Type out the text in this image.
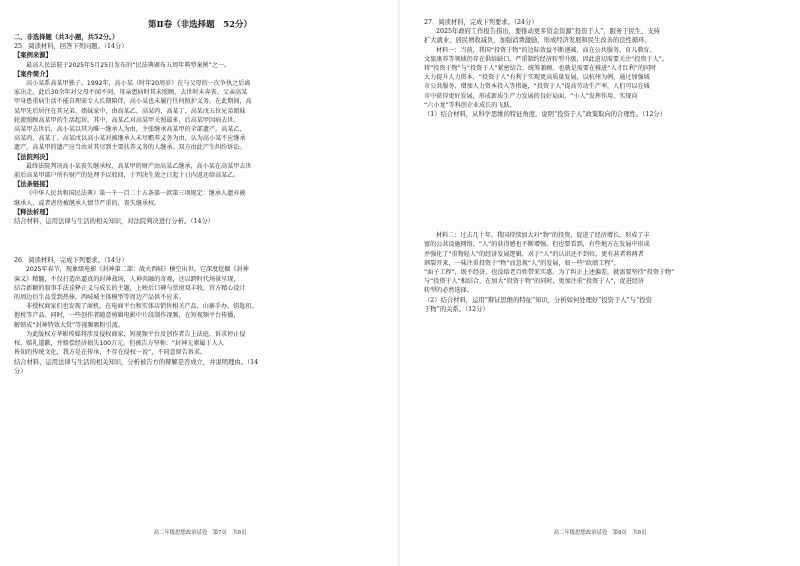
第Ⅱ卷（非选择题　52分）
二、非选择题（共3小题，共52分。）
25．阅读材料，回答下列问题。（14分）
【案例来源】
最高人民法院于2025年5月25日发布的“民法典颁布五周年典型案例”之一。
【案件简介】
高小某系高某甲独子。1992年，高小某（时年20周岁）在与父母的一次争执之后离
家出走，此后30余年对父母不闻不问。母亲患病时其未照顾，去世时未奔丧。父亲高某
甲身患重病生活不能自理需专人长期陪伴，高小某也未履行任何照护义务。在此期间，高
某甲先后居住在其兄弟、姐妹家中，由高某乙、高某丙、高某丁、高某戊五位兄弟姐妹
轮流照顾高某甲的生活起居。其中，高某乙对高某甲关照最多，后高某甲因病去世。
高某甲去世后，高小某以其为唯一继承人为由，主张继承高某甲的全部遗产。高某乙、
高某丙、高某丁、高某戊以高小某对被继承人未尽赡养义务为由，认为高小某不应继承
遗产，高某甲的遗产应当由对其尽到主要扶养义务的人继承。双方由此产生纠纷诉讼。
【法院判决】
最终法院判决高小某丧失继承权，高某甲的财产由高某乙继承，高小某在高某甲去世
前后高某甲部户所有财产的处理予以驳回，于判决生效之日起十日内返还给高某乙。
【法条链接】
《中华人民共和国民法典》第一千一百二十五条第一款第三项规定：继承人遗弃被
继承人，或者虐待被继承人情节严重的，丧失继承权。
【释法析理】
结合材料，运用法律与生活的相关知识，对法院判决进行分析。（14分）
26．阅读材料，完成下列要求。（14分）
2025年春节，现象级电影《封神第二部：战火西岐》横空出世。它深度挖掘《封神
演义》精髓，不仅打造出逼真的封神战场，人神共融的奇观，还以跨时代场景呈现，
结合新颖的叙事手法诠释正义与成长的主题，上映后口碑与票房双丰收，官方精心设计
的周边衍生品受到热捧，西岐城主体模型等周边产品供不应求。
非授权商家们也发现了商机，在电商平台和实体店销售相关产品，山寨手办、钥匙扣、
抱枕等产品。同时，一些创作者随意剪辑电影中片段制作视频，在短视频平台传播，
解锁成“封神特效大赏”等视频吸粉引流。
为此版权方华影传媒将涉及侵权商家、短视频平台及创作者告上法庭，诉求停止侵
权、赔礼道歉，并赔偿经济损失100万元。但被告方坚称：“封神元素属于人人
皆知的传统文化，我方是在传承，不存在侵权一说”，不同意原告诉求。
结合材料，运用法律与生活的相关知识，分析被告方的辩解是否成立，并说明理由。（14
分）
高二年级思想政治试卷　第7页　共8页
27．阅读材料，完成下列要求。（24分）
2025年政府工作报告指出，要推动更多资金资源“投资于人”、服务于民生，支持
扩大就业、居民增收减负、加强消费激励，形成经济发展和民生改善的良性循环。
材料一：当前，我国“投资于物”的边际效益不断递减，而在公共服务、育儿教育、
文旅康养等领域仍存在供给缺口，严重制约经济转型升级，因此迫切需要关注“投资于人”。
将“投资于物”与“投资于人”紧密结合，统筹兼顾。也就是需要在推进“人才红利”的同时
大力提升人力资本，“投资于人”有利于实现更高质量发展，以杭州为例，通过加强城
市公共服务，增加人力资本投入等措施，“投资于人”提高劳动生产率，人们可以在城
市中获得更好发展，形成新质生产力发展的良好局面，“小人”发挥作用，实现向
“六小龙”等科创企业成长的飞跃。
（1）结合材料，从科学思维的特征角度，说明“投资于人”政策取向的合理性。（12分）
材料二：过去几十年，我国持续加大对“物”的投资，促进了经济增长，形成了丰
富的公共设施网络，“人”的获得感也不断增强。但也要看到，有些地方在发展中形成
并强化了“重物轻人”的经济发展逻辑，对于“人”的认识还不到位。更有甚者将两者
割裂开来，一味注重投资于“物”而忽视“人”的发展，如一些“政绩工程”、
“面子工程”，既不经济，也没给老百姓带来实惠。为了纠正上述偏差，就需要坚持“投资于物”
与“投资于人”相结合，在加大“投资于物”的同时，更加注重“投资于人”，促进经济
转型的必然选择。
（2）结合材料，运用“辩证思维的特征”知识，分析如何处理好“投资于人”与“投资
于物”的关系。（12分）
高二年级思想政治试卷　第8页　共8页
